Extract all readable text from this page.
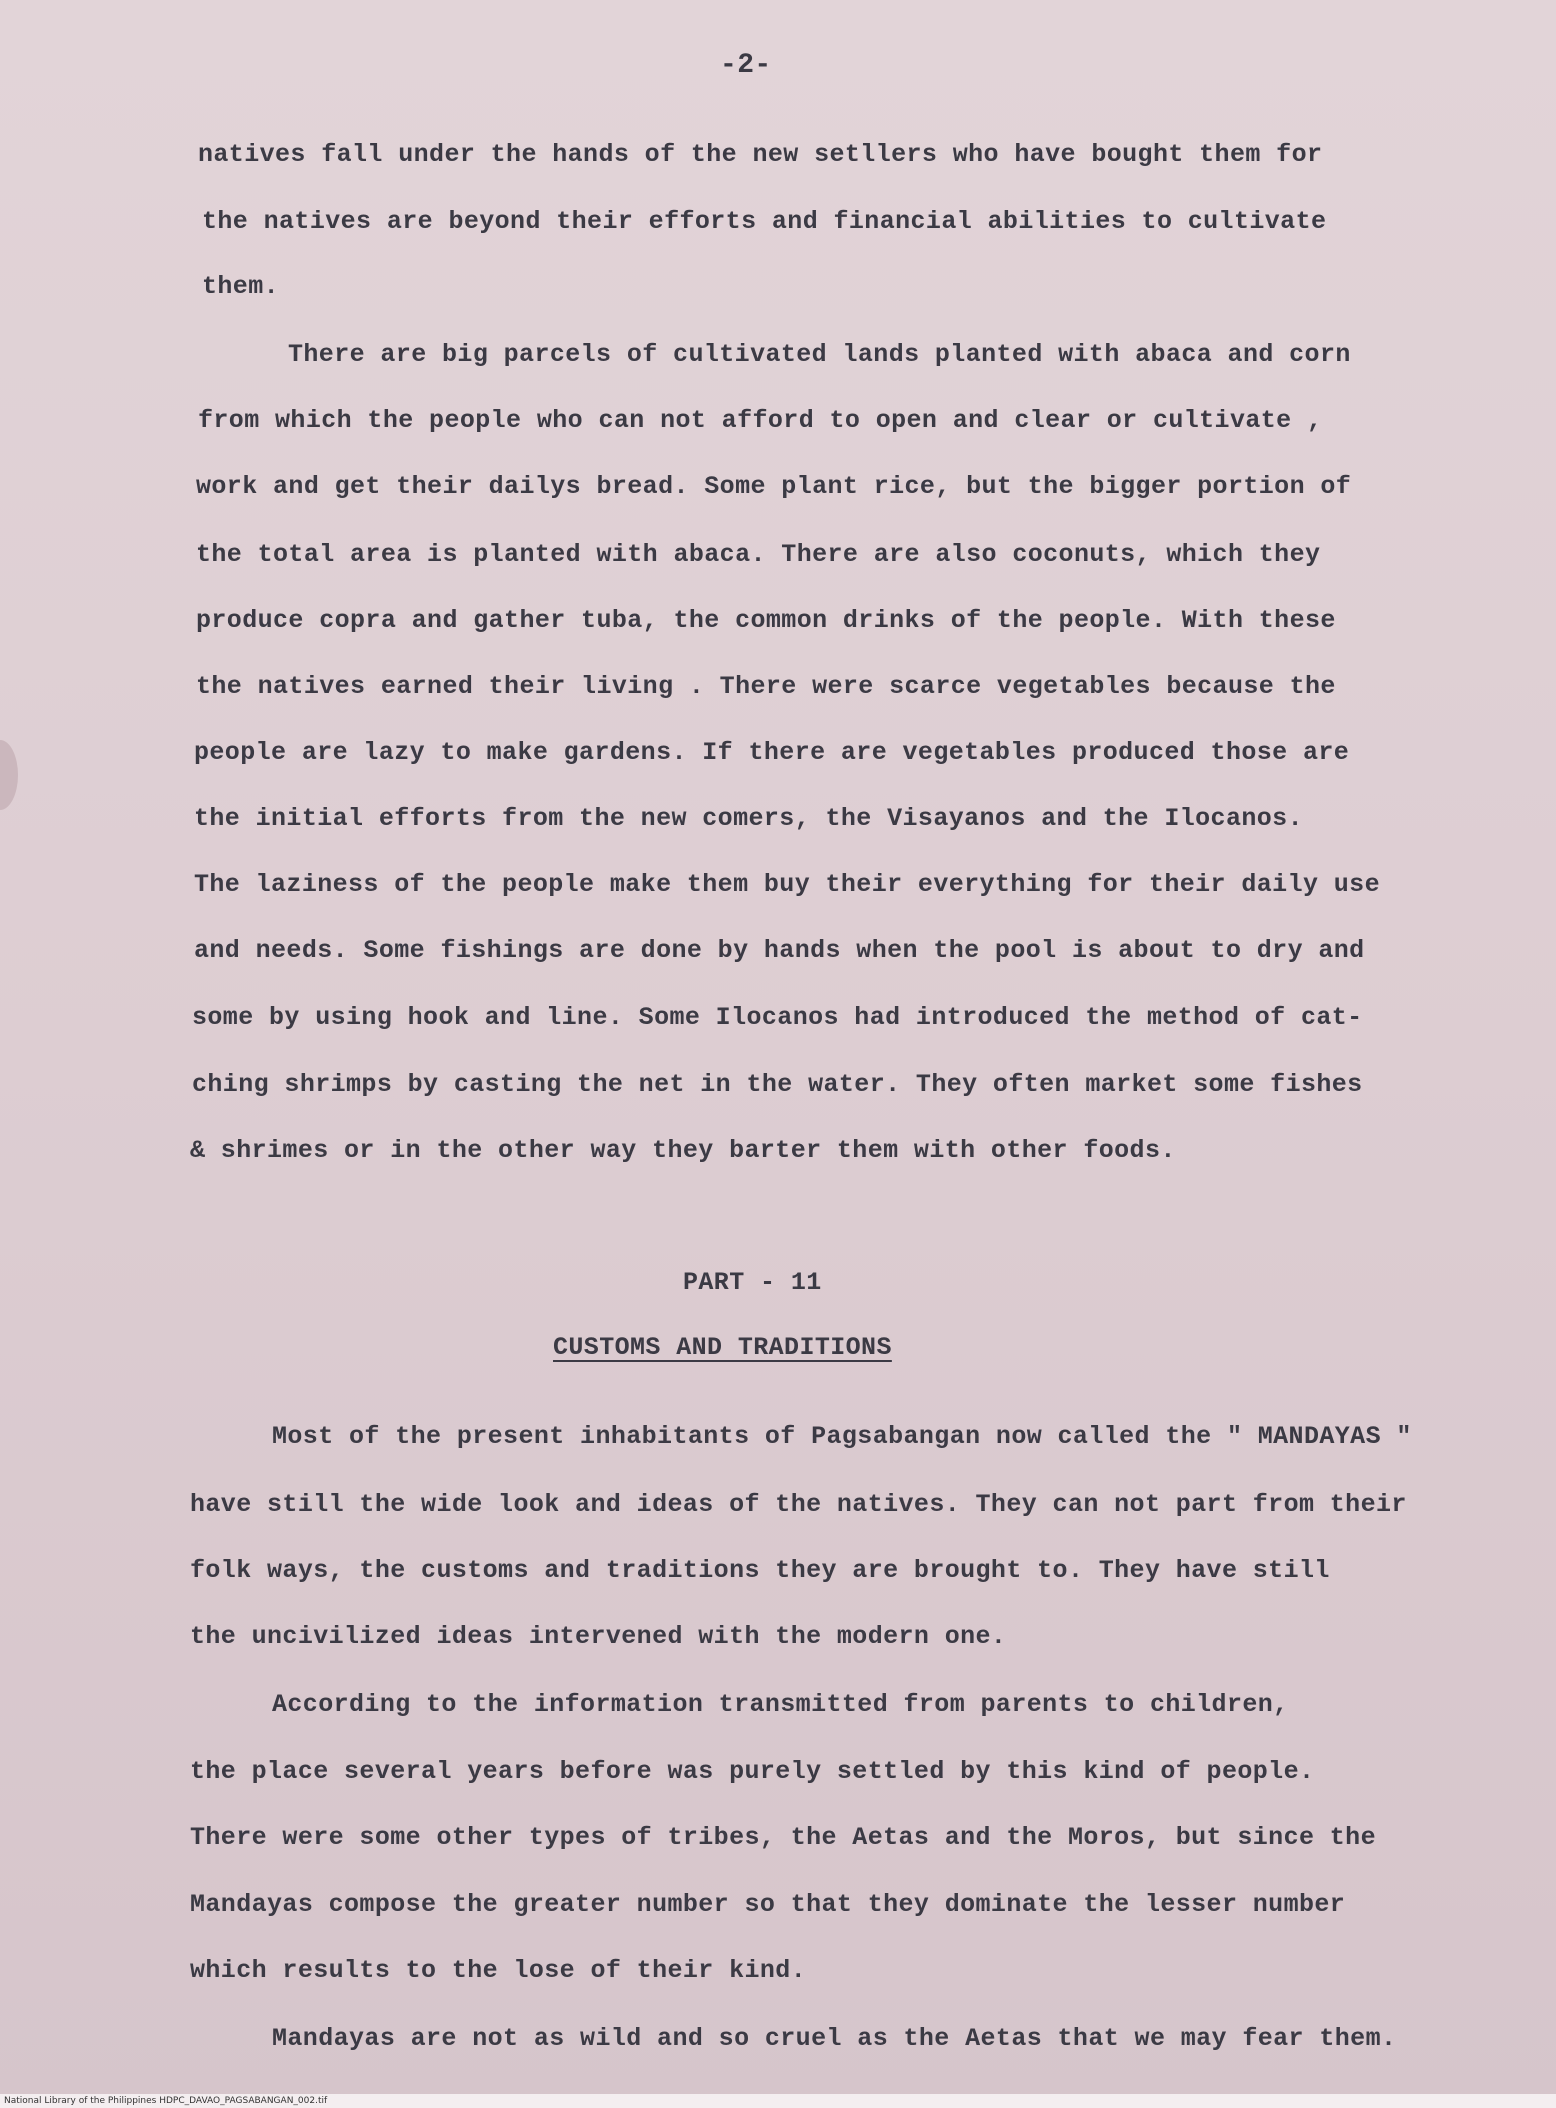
-2-
natives fall under the hands of the new setllers who have bought them for
the natives are beyond their efforts and financial abilities to cultivate
them.
There are big parcels of cultivated lands planted with abaca and corn
from which the people who can not afford to open and clear or cultivate ,
work and get their dailys bread. Some plant rice, but the bigger portion of
the total area is planted with abaca. There are also coconuts, which they
produce copra and gather tuba, the common drinks of the people. With these
the natives earned their living . There were scarce vegetables because the
people are lazy to make gardens. If there are vegetables produced those are
the initial efforts from the new comers, the Visayanos and the Ilocanos.
The laziness of the people make them buy their everything for their daily use
and needs. Some fishings are done by hands when the pool is about to dry and
some by using hook and line. Some Ilocanos had introduced the method of cat-
ching shrimps by casting the net in the water. They often market some fishes
& shrimes or in the other way they barter them with other foods.
PART - 11
CUSTOMS AND TRADITIONS
Most of the present inhabitants of Pagsabangan now called the " MANDAYAS "
have still the wide look and ideas of the natives. They can not part from their
folk ways, the customs and traditions they are brought to. They have still
the uncivilized ideas intervened with the modern one.
According to the information transmitted from parents to children,
the place several years before was purely settled by this kind of people.
There were some other types of tribes, the Aetas and the Moros, but since the
Mandayas compose the greater number so that they dominate the lesser number
which results to the lose of their kind.
Mandayas are not as wild and so cruel as the Aetas that we may fear them.
National Library of the Philippines HDPC_DAVAO_PAGSABANGAN_002.tif
